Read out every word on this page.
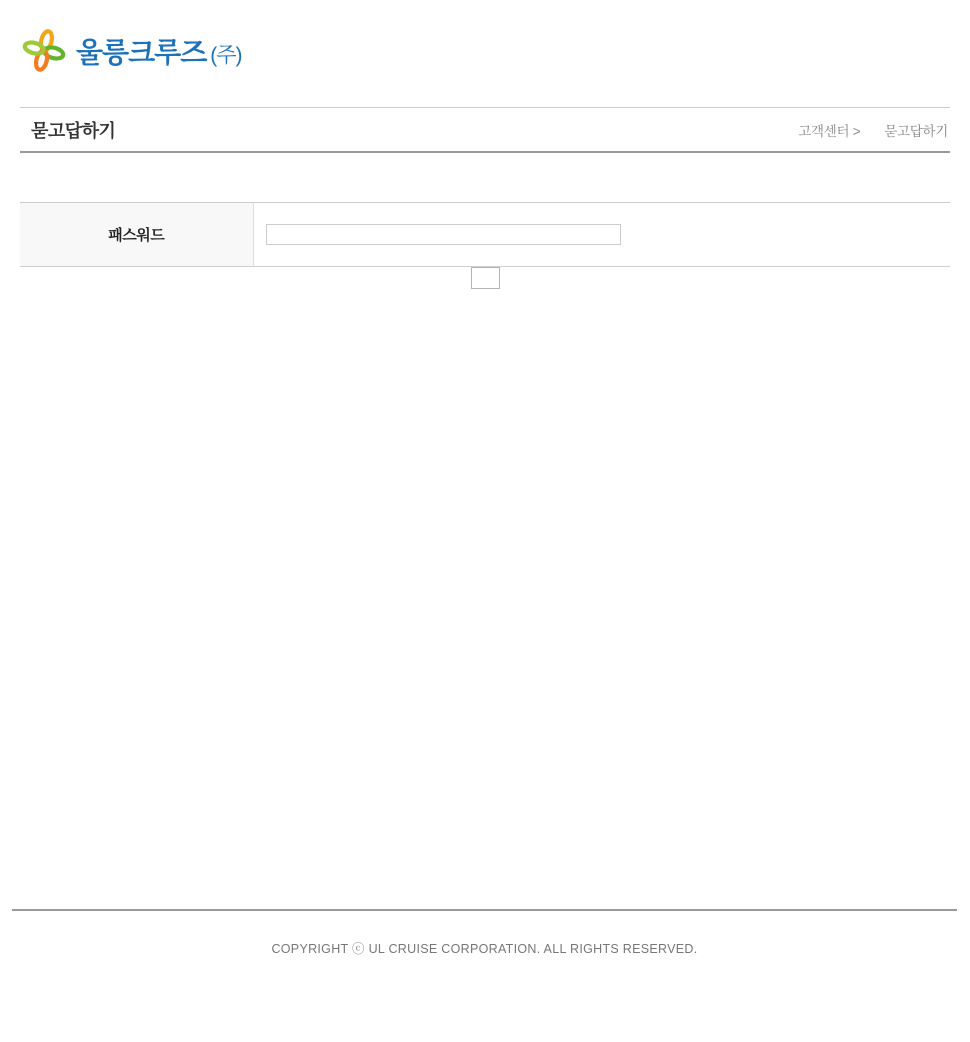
울릉크루즈 (주)
묻고답하기	고객센터 > 묻고답하기
패스워드	
COPYRIGHT ⓒ UL CRUISE CORPORATION. ALL RIGHTS RESERVED.
